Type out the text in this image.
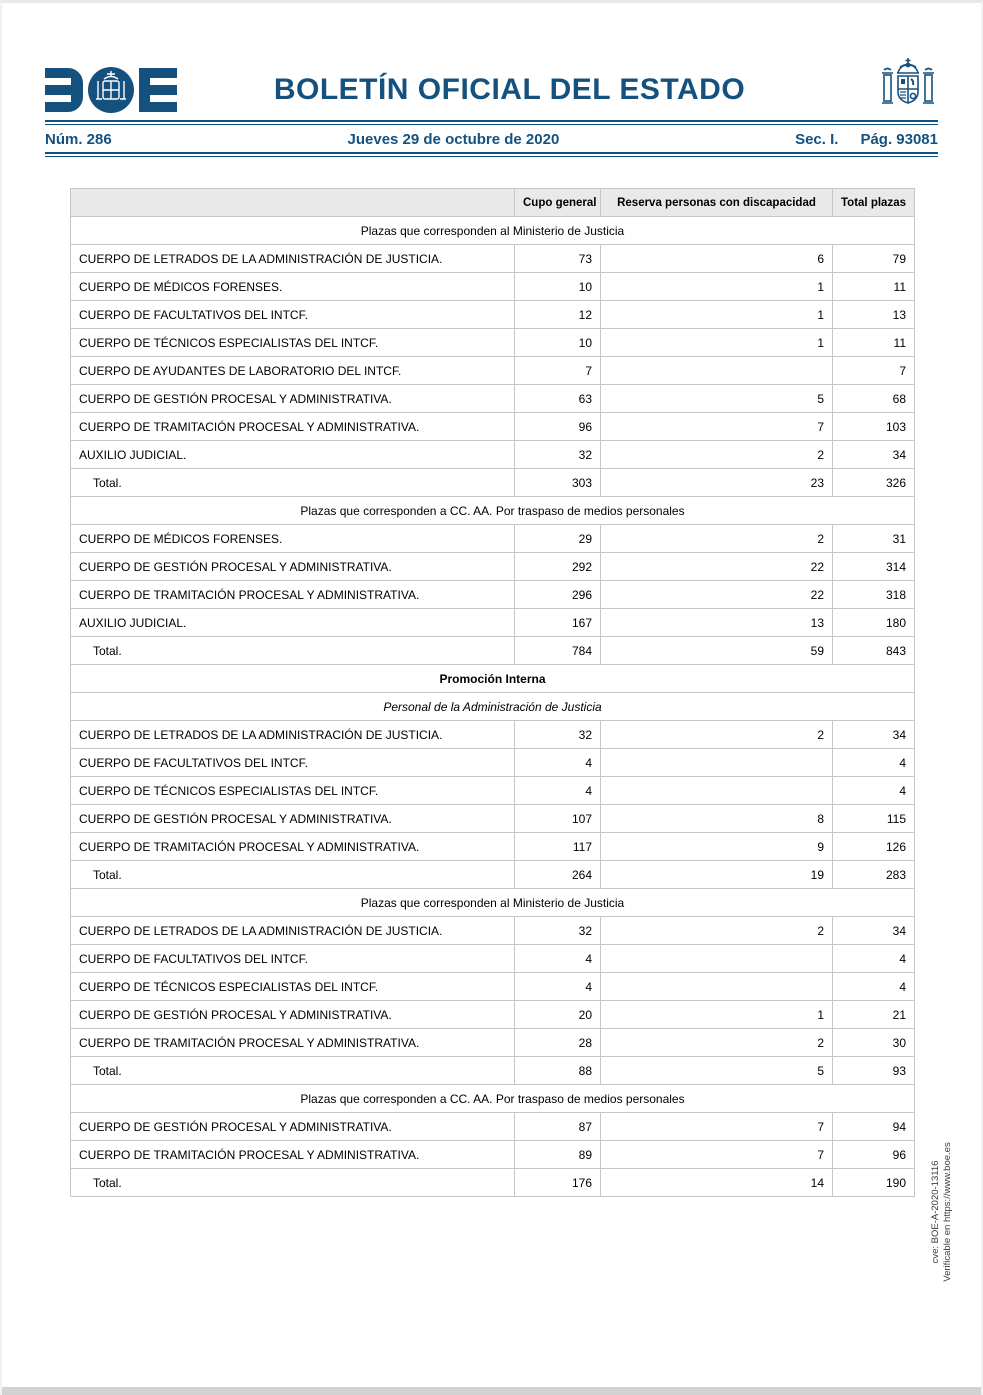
BOLETÍN OFICIAL DEL ESTADO
Núm. 286	Jueves 29 de octubre de 2020	Sec. I. Pág. 93081
	Cupo general	Reserva personas con discapacidad	Total plazas
Plazas que corresponden al Ministerio de Justicia			
CUERPO DE LETRADOS DE LA ADMINISTRACIÓN DE JUSTICIA.	73	6	79
CUERPO DE MÉDICOS FORENSES.	10	1	11
CUERPO DE FACULTATIVOS DEL INTCF.	12	1	13
CUERPO DE TÉCNICOS ESPECIALISTAS DEL INTCF.	10	1	11
CUERPO DE AYUDANTES DE LABORATORIO DEL INTCF.	7		7
CUERPO DE GESTIÓN PROCESAL Y ADMINISTRATIVA.	63	5	68
CUERPO DE TRAMITACIÓN PROCESAL Y ADMINISTRATIVA.	96	7	103
AUXILIO JUDICIAL.	32	2	34
Total.	303	23	326
Plazas que corresponden a CC. AA. Por traspaso de medios personales			
CUERPO DE MÉDICOS FORENSES.	29	2	31
CUERPO DE GESTIÓN PROCESAL Y ADMINISTRATIVA.	292	22	314
CUERPO DE TRAMITACIÓN PROCESAL Y ADMINISTRATIVA.	296	22	318
AUXILIO JUDICIAL.	167	13	180
Total.	784	59	843
Promoción Interna			
Personal de la Administración de Justicia			
CUERPO DE LETRADOS DE LA ADMINISTRACIÓN DE JUSTICIA.	32	2	34
CUERPO DE FACULTATIVOS DEL INTCF.	4		4
CUERPO DE TÉCNICOS ESPECIALISTAS DEL INTCF.	4		4
CUERPO DE GESTIÓN PROCESAL Y ADMINISTRATIVA.	107	8	115
CUERPO DE TRAMITACIÓN PROCESAL Y ADMINISTRATIVA.	117	9	126
Total.	264	19	283
Plazas que corresponden al Ministerio de Justicia			
CUERPO DE LETRADOS DE LA ADMINISTRACIÓN DE JUSTICIA.	32	2	34
CUERPO DE FACULTATIVOS DEL INTCF.	4		4
CUERPO DE TÉCNICOS ESPECIALISTAS DEL INTCF.	4		4
CUERPO DE GESTIÓN PROCESAL Y ADMINISTRATIVA.	20	1	21
CUERPO DE TRAMITACIÓN PROCESAL Y ADMINISTRATIVA.	28	2	30
Total.	88	5	93
Plazas que corresponden a CC. AA. Por traspaso de medios personales			
CUERPO DE GESTIÓN PROCESAL Y ADMINISTRATIVA.	87	7	94
CUERPO DE TRAMITACIÓN PROCESAL Y ADMINISTRATIVA.	89	7	96
Total.	176	14	190	cve: BOE-A-2020-13116 Verificable en https://www.boe.es
